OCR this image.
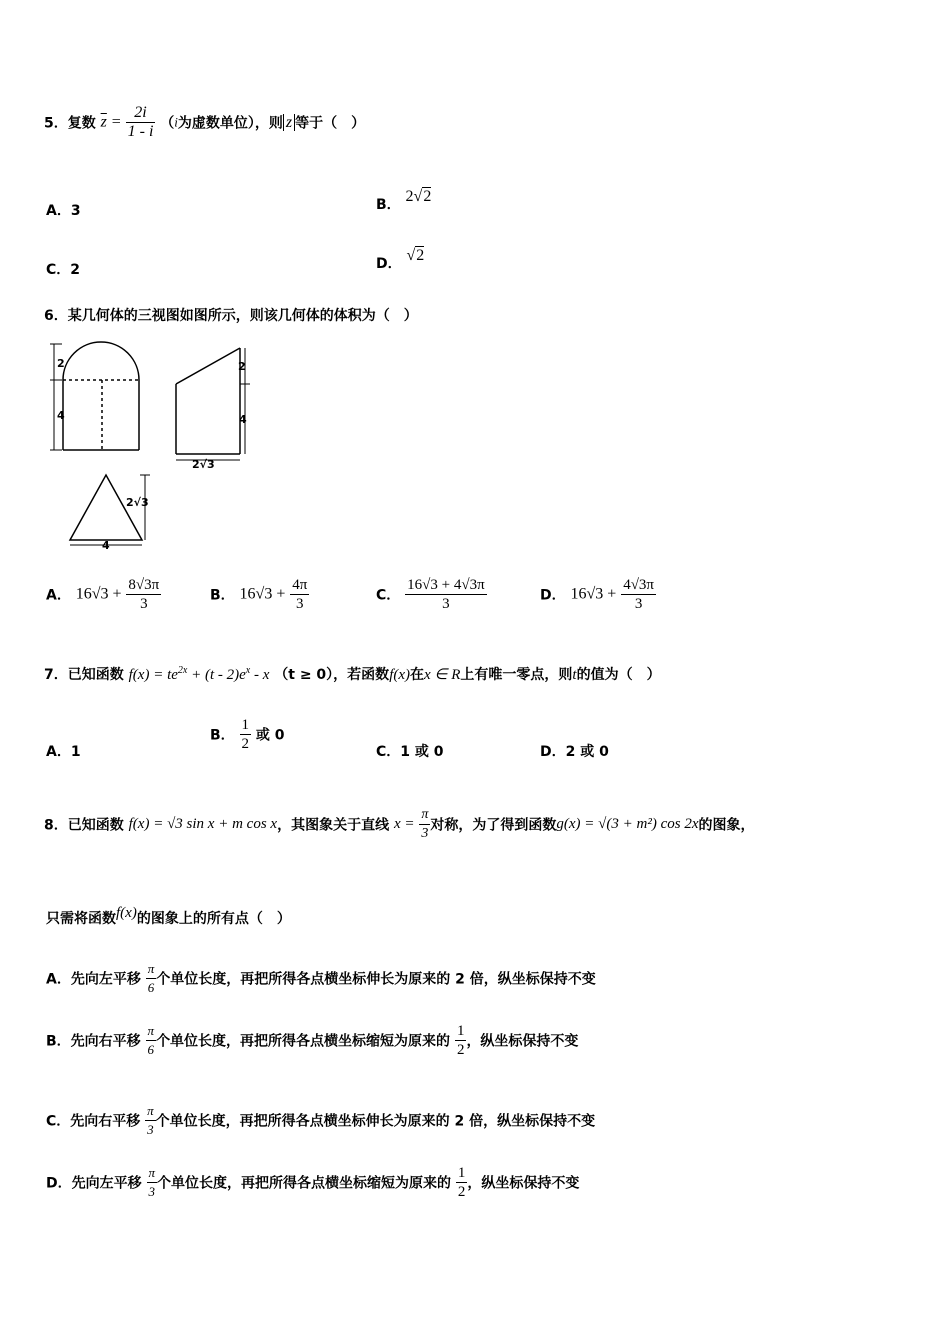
5．复数 $\overline{z} = \frac{2i}{1 - i} (i$为虚数单位），则 z 等于（　）
A．3	B． 2√2
C．2	D． √2
6．某几何体的三视图如图所示，则该几何体的体积为（　）
2
4
2
4
2√3
2√3
4
A． $16√3 + \frac{8√3\pi}{3}$	B． $16√3 + \frac{4\pi}{3}$	C． $\frac{16√3 + 4√3\pi}{3}$	D． $16√3 + \frac{4√3\pi}{3}$
7．已知函数 $f(x) = te^{2x} + (t - 2)e^x - x$ （t ≥ 0），若函数f(x)在x ∈ R上有唯一零点，则t的值为（　）
A．1
B． $\frac{1}{2}$ 或 0
C．1 或 0	D．2 或 0
8．已知函数 f(x) = √3 sin x + m cos x，其图象关于直线 $x = \frac{\pi}{3}$ 对称，为了得到函数g(x) = √(3 + m²) cos 2x的图象，
只需将函数f(x)的图象上的所有点（　）
A．先向左平移 $\frac{\pi}{6}$ 个单位长度，再把所得各点横坐标伸长为原来的 2 倍，纵坐标保持不变
B．先向右平移 $\frac{\pi}{6}$ 个单位长度，再把所得各点横坐标缩短为原来的 $\frac{1}{2}$ ，纵坐标保持不变
C．先向右平移 $\frac{\pi}{3}$ 个单位长度，再把所得各点横坐标伸长为原来的 2 倍，纵坐标保持不变
D．先向左平移 $\frac{\pi}{3}$ 个单位长度，再把所得各点横坐标缩短为原来的 $\frac{1}{2}$ ，纵坐标保持不变
